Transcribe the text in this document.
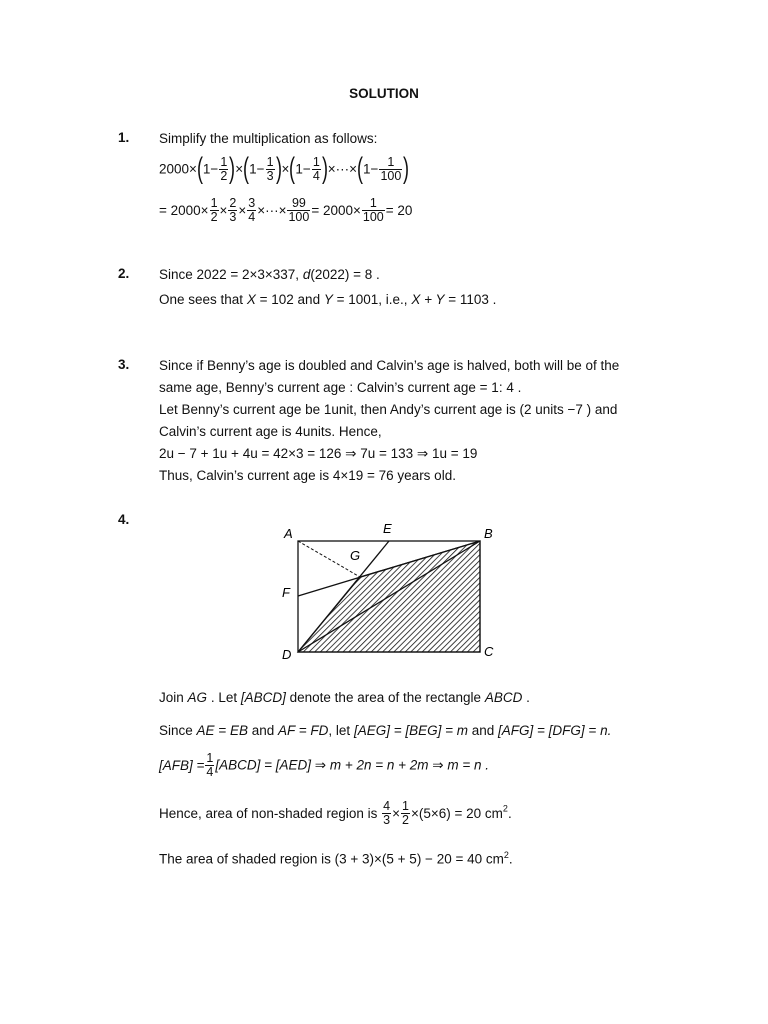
SOLUTION
1. Simplify the multiplication as follows:
$2000\times(1- \frac{1}{2} )\times(1- \frac{1}{3} )\times(1- \frac{1}{4} )\times\cdot\cdot\cdot\times(1- \frac{1}{100}$ )
= $2000\times \frac{1}{2} \times \frac{2}{3} \times \frac{3}{4}$ ×···× $\frac{99}{100} = 2000\times \frac{1}{100} = 20$
2. Since 2022 = 2×3×337, d(2022) = 8 .
One sees that X = 102 and Y = 1001, i.e., X + Y = 1103 .
3. Since if Benny’s age is doubled and Calvin’s age is halved, both will be of the
same age, Benny’s current age : Calvin’s current age = 1: 4 .
Let Benny’s current age be 1unit, then Andy’s current age is (2 units −7 ) and
Calvin’s current age is 4units. Hence,
2u − 7 + 1u + 4u = 42×3 = 126 ⇒ 7u = 133 ⇒ 1u = 19
Thus, Calvin’s current age is 4×19 = 76 years old.
4.
A	E	B
G
F
D	C
Join AG . Let [ABCD] denote the area of the rectangle ABCD .
Since AE = EB and AF = FD, let [AEG] = [BEG] = m and [AFG] = [DFG] = n.
$[AFB] = \frac{1}{4}$ [ABCD] = [AED] ⇒ m + 2n = n + 2m ⇒ m = n .
Hence, area of non-shaded region is $\frac{4}{3} \times \frac{1}{2} \times(5\times 6) = 20$ $cm^2$.
The area of shaded region is (3 + 3)×(5 + 5) − 20 = 40 $cm^2$.
